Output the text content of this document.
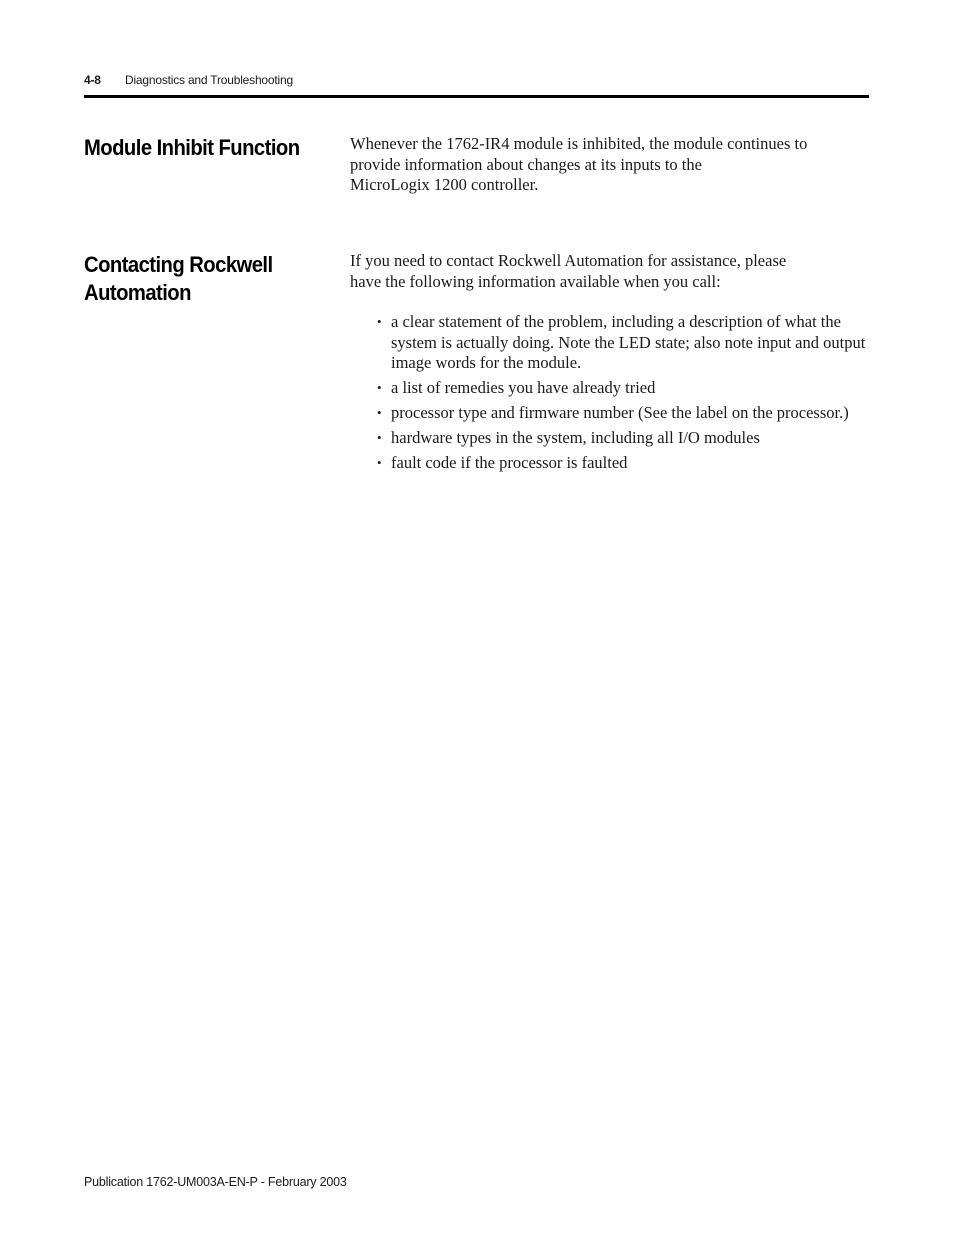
4-8 Diagnostics and Troubleshooting
Module Inhibit Function	Whenever the 1762-IR4 module is inhibited, the module continues to
provide information about changes at its inputs to the
MicroLogix 1200 controller.

Contacting Rockwell
Automation

If you need to contact Rockwell Automation for assistance, please
have the following information available when you call:

• a clear statement of the problem, including a description of what the system is actually doing. Note the LED state; also note input and output image words for the module.
• a list of remedies you have already tried
• processor type and firmware number (See the label on the processor.)
• hardware types in the system, including all I/O modules
• fault code if the processor is faulted
Publication 1762-UM003A-EN-P - February 2003
